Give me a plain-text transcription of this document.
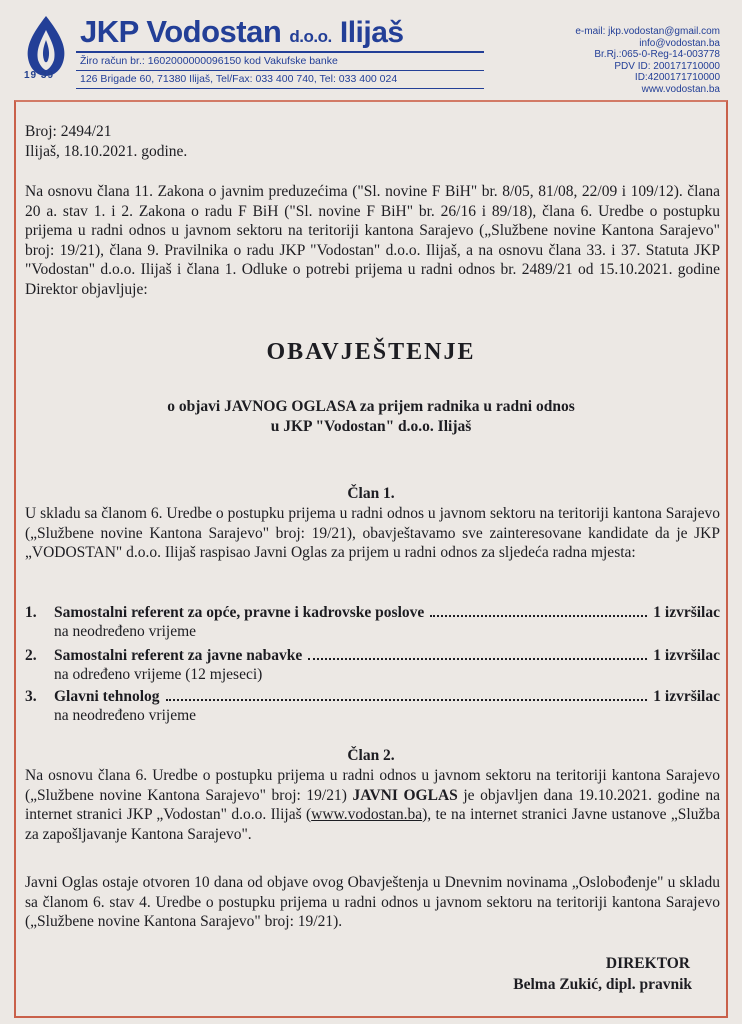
19 39
JKP Vodostan d.o.o. Ilijaš
Žiro račun br.: 1602000000096150 kod Vakufske banke
126 Brigade 60, 71380 Ilijaš, Tel/Fax: 033 400 740, Tel: 033 400 024
e-mail: jkp.vodostan@gmail.com
info@vodostan.ba
Br.Rj.:065-0-Reg-14-003778
PDV ID: 200171710000
ID:4200171710000
www.vodostan.ba
Broj: 2494/21
Ilijaš, 18.10.2021. godine.
Na osnovu člana 11. Zakona o javnim preduzećima ("Sl. novine F BiH" br. 8/05, 81/08, 22/09 i 109/12). člana 20 a. stav 1. i 2. Zakona o radu F BiH ("Sl. novine F BiH" br. 26/16 i 89/18), člana 6. Uredbe o postupku prijema u radni odnos u javnom sektoru na teritoriji kantona Sarajevo („Službene novine Kantona Sarajevo" broj: 19/21), člana 9. Pravilnika o radu JKP "Vodostan" d.o.o. Ilijaš, a na osnovu člana 33. i 37. Statuta JKP "Vodostan" d.o.o. Ilijaš i člana 1. Odluke o potrebi prijema u radni odnos br. 2489/21 od 15.10.2021. godine Direktor objavljuje:
OBAVJEŠTENJE
o objavi JAVNOG OGLASA za prijem radnika u radni odnos
u JKP "Vodostan" d.o.o. Ilijaš
Član 1.
U skladu sa članom 6. Uredbe o postupku prijema u radni odnos u javnom sektoru na teritoriji kantona Sarajevo („Službene novine Kantona Sarajevo" broj: 19/21), obavještavamo sve zainteresovane kandidate da je JKP „VODOSTAN" d.o.o. Ilijaš raspisao Javni Oglas za prijem u radni odnos za sljedeća radna mjesta:
1. Samostalni referent za opće, pravne i kadrovske poslove	1 izvršilac
na neodređeno vrijeme
2. Samostalni referent za javne nabavke	1 izvršilac
na određeno vrijeme (12 mjeseci)
3. Glavni tehnolog	1 izvršilac
na neodređeno vrijeme
Član 2.
Na osnovu člana 6. Uredbe o postupku prijema u radni odnos u javnom sektoru na teritoriji kantona Sarajevo („Službene novine Kantona Sarajevo" broj: 19/21) JAVNI OGLAS je objavljen dana 19.10.2021. godine na internet stranici JKP „Vodostan" d.o.o. Ilijaš (www.vodostan.ba), te na internet stranici Javne ustanove „Služba za zapošljavanje Kantona Sarajevo".
Javni Oglas ostaje otvoren 10 dana od objave ovog Obavještenja u Dnevnim novinama „Oslobođenje" u skladu sa članom 6. stav 4. Uredbe o postupku prijema u radni odnos u javnom sektoru na teritoriji kantona Sarajevo („Službene novine Kantona Sarajevo" broj: 19/21).
DIREKTOR
Belma Zukić, dipl. pravnik
